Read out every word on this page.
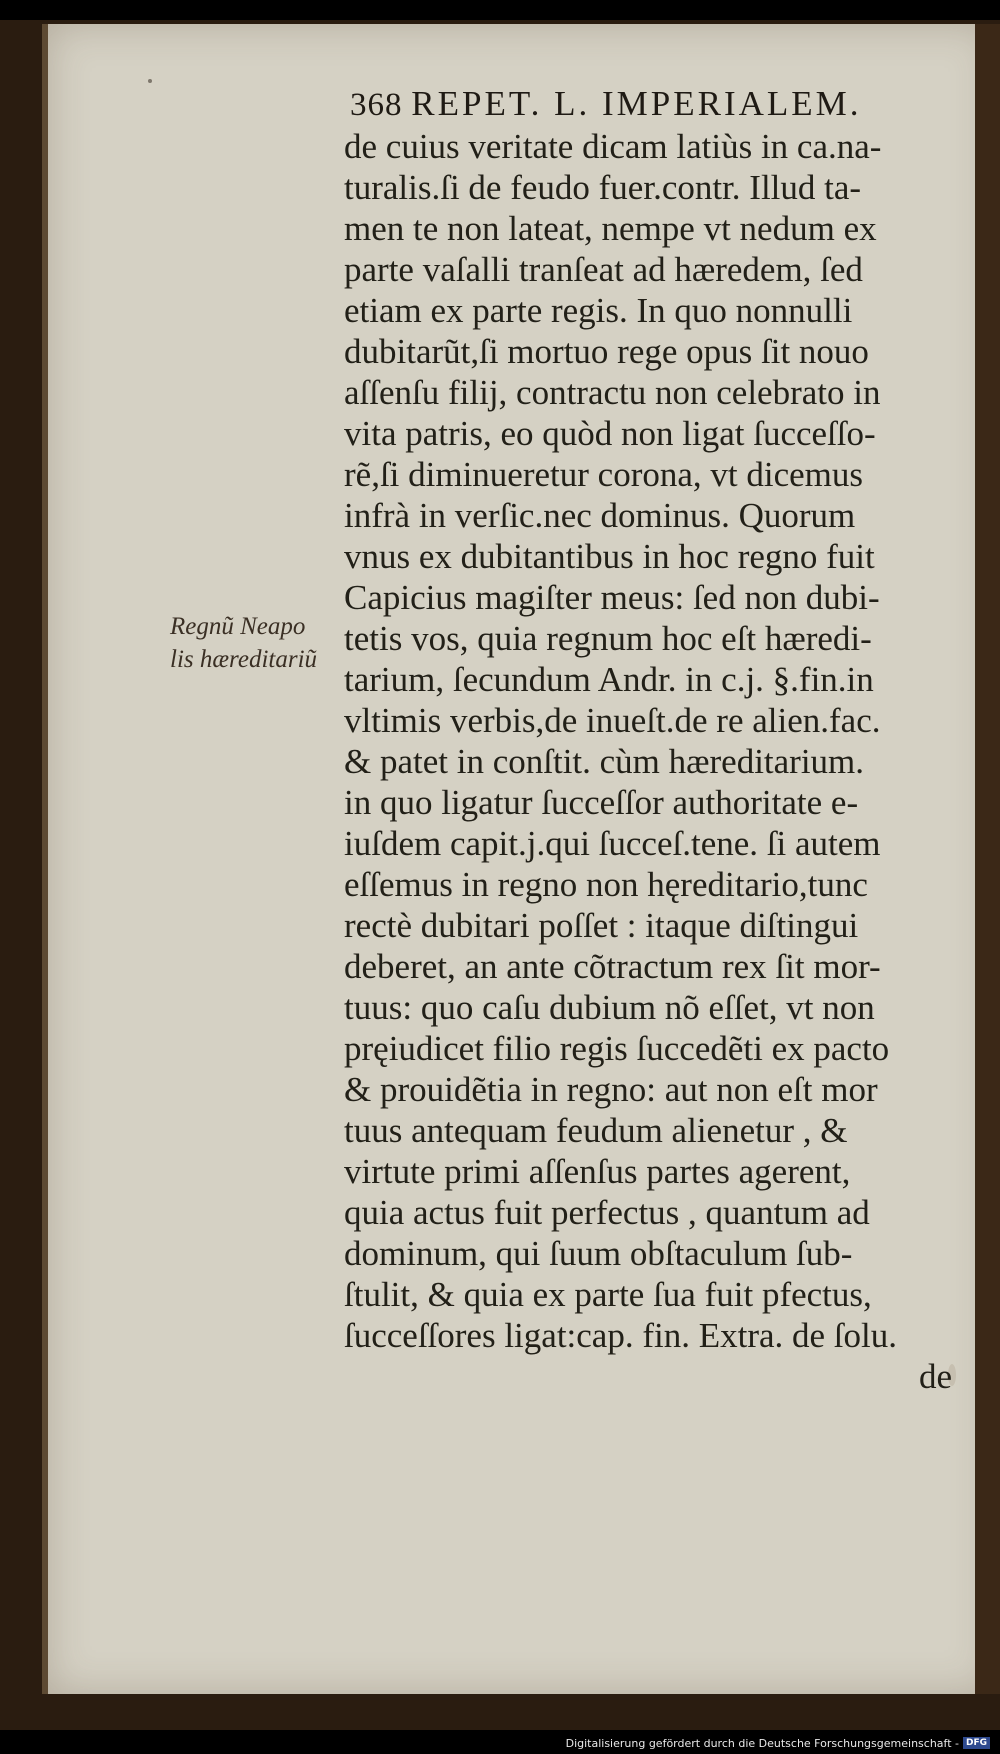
368 REPET. L. IMPERIALEM.
Regnũ Neapo
lis hæreditariũ
de cuius veritate dicam latiùs in ca.na-
turalis.ſi de feudo fuer.contr. Illud ta-
men te non lateat, nempe vt nedum ex
parte vaſalli tranſeat ad hæredem, ſed
etiam ex parte regis. In quo nonnulli
dubitarũt,ſi mortuo rege opus ſit nouo
aſſenſu filij, contractu non celebrato in
vita patris, eo quòd non ligat ſucceſſo-
rẽ,ſi diminueretur corona, vt dicemus
infrà in verſic.nec dominus. Quorum
vnus ex dubitantibus in hoc regno fuit
Capicius magiſter meus: ſed non dubi-
tetis vos, quia regnum hoc eſt hæredi-
tarium, ſecundum Andr. in c.j. §.fin.in
vltimis verbis,de inueſt.de re alien.fac.
& patet in conſtit. cùm hæreditarium.
in quo ligatur ſucceſſor authoritate e-
iuſdem capit.j.qui ſucceſ.tene. ſi autem
eſſemus in regno non hęreditario,tunc
rectè dubitari poſſet : itaque diſtingui
deberet, an ante cõtractum rex ſit mor-
tuus: quo caſu dubium nõ eſſet, vt non
pręiudicet filio regis ſuccedẽti ex pacto
& prouidẽtia in regno: aut non eſt mor
tuus antequam feudum alienetur , &
virtute primi aſſenſus partes agerent,
quia actus fuit perfectus , quantum ad
dominum, qui ſuum obſtaculum ſub-
ſtulit, & quia ex parte ſua fuit pfectus,
ſucceſſores ligat:cap. fin. Extra. de ſolu.
de
Digitalisierung gefördert durch die Deutsche Forschungsgemeinschaft - DFG
